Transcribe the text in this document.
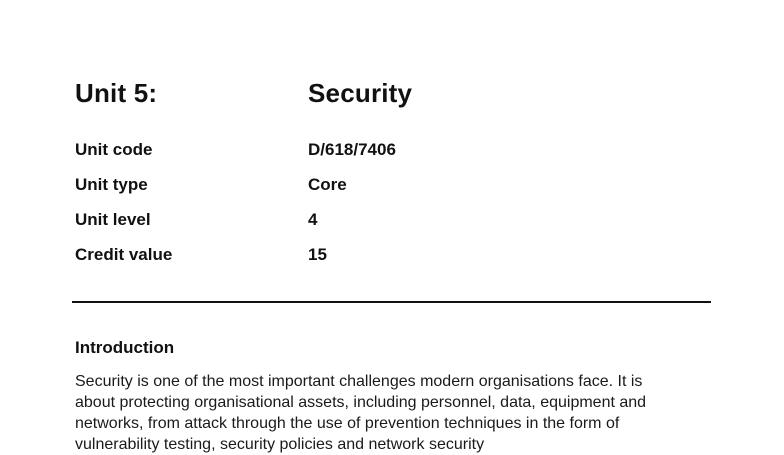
Unit 5:	Security
Unit code	D/618/7406
Unit type	Core
Unit level	4
Credit value	15
Introduction
Security is one of the most important challenges modern organisations face. It is
about protecting organisational assets, including personnel, data, equipment and
networks, from attack through the use of prevention techniques in the form of
vulnerability testing, security policies and network security
